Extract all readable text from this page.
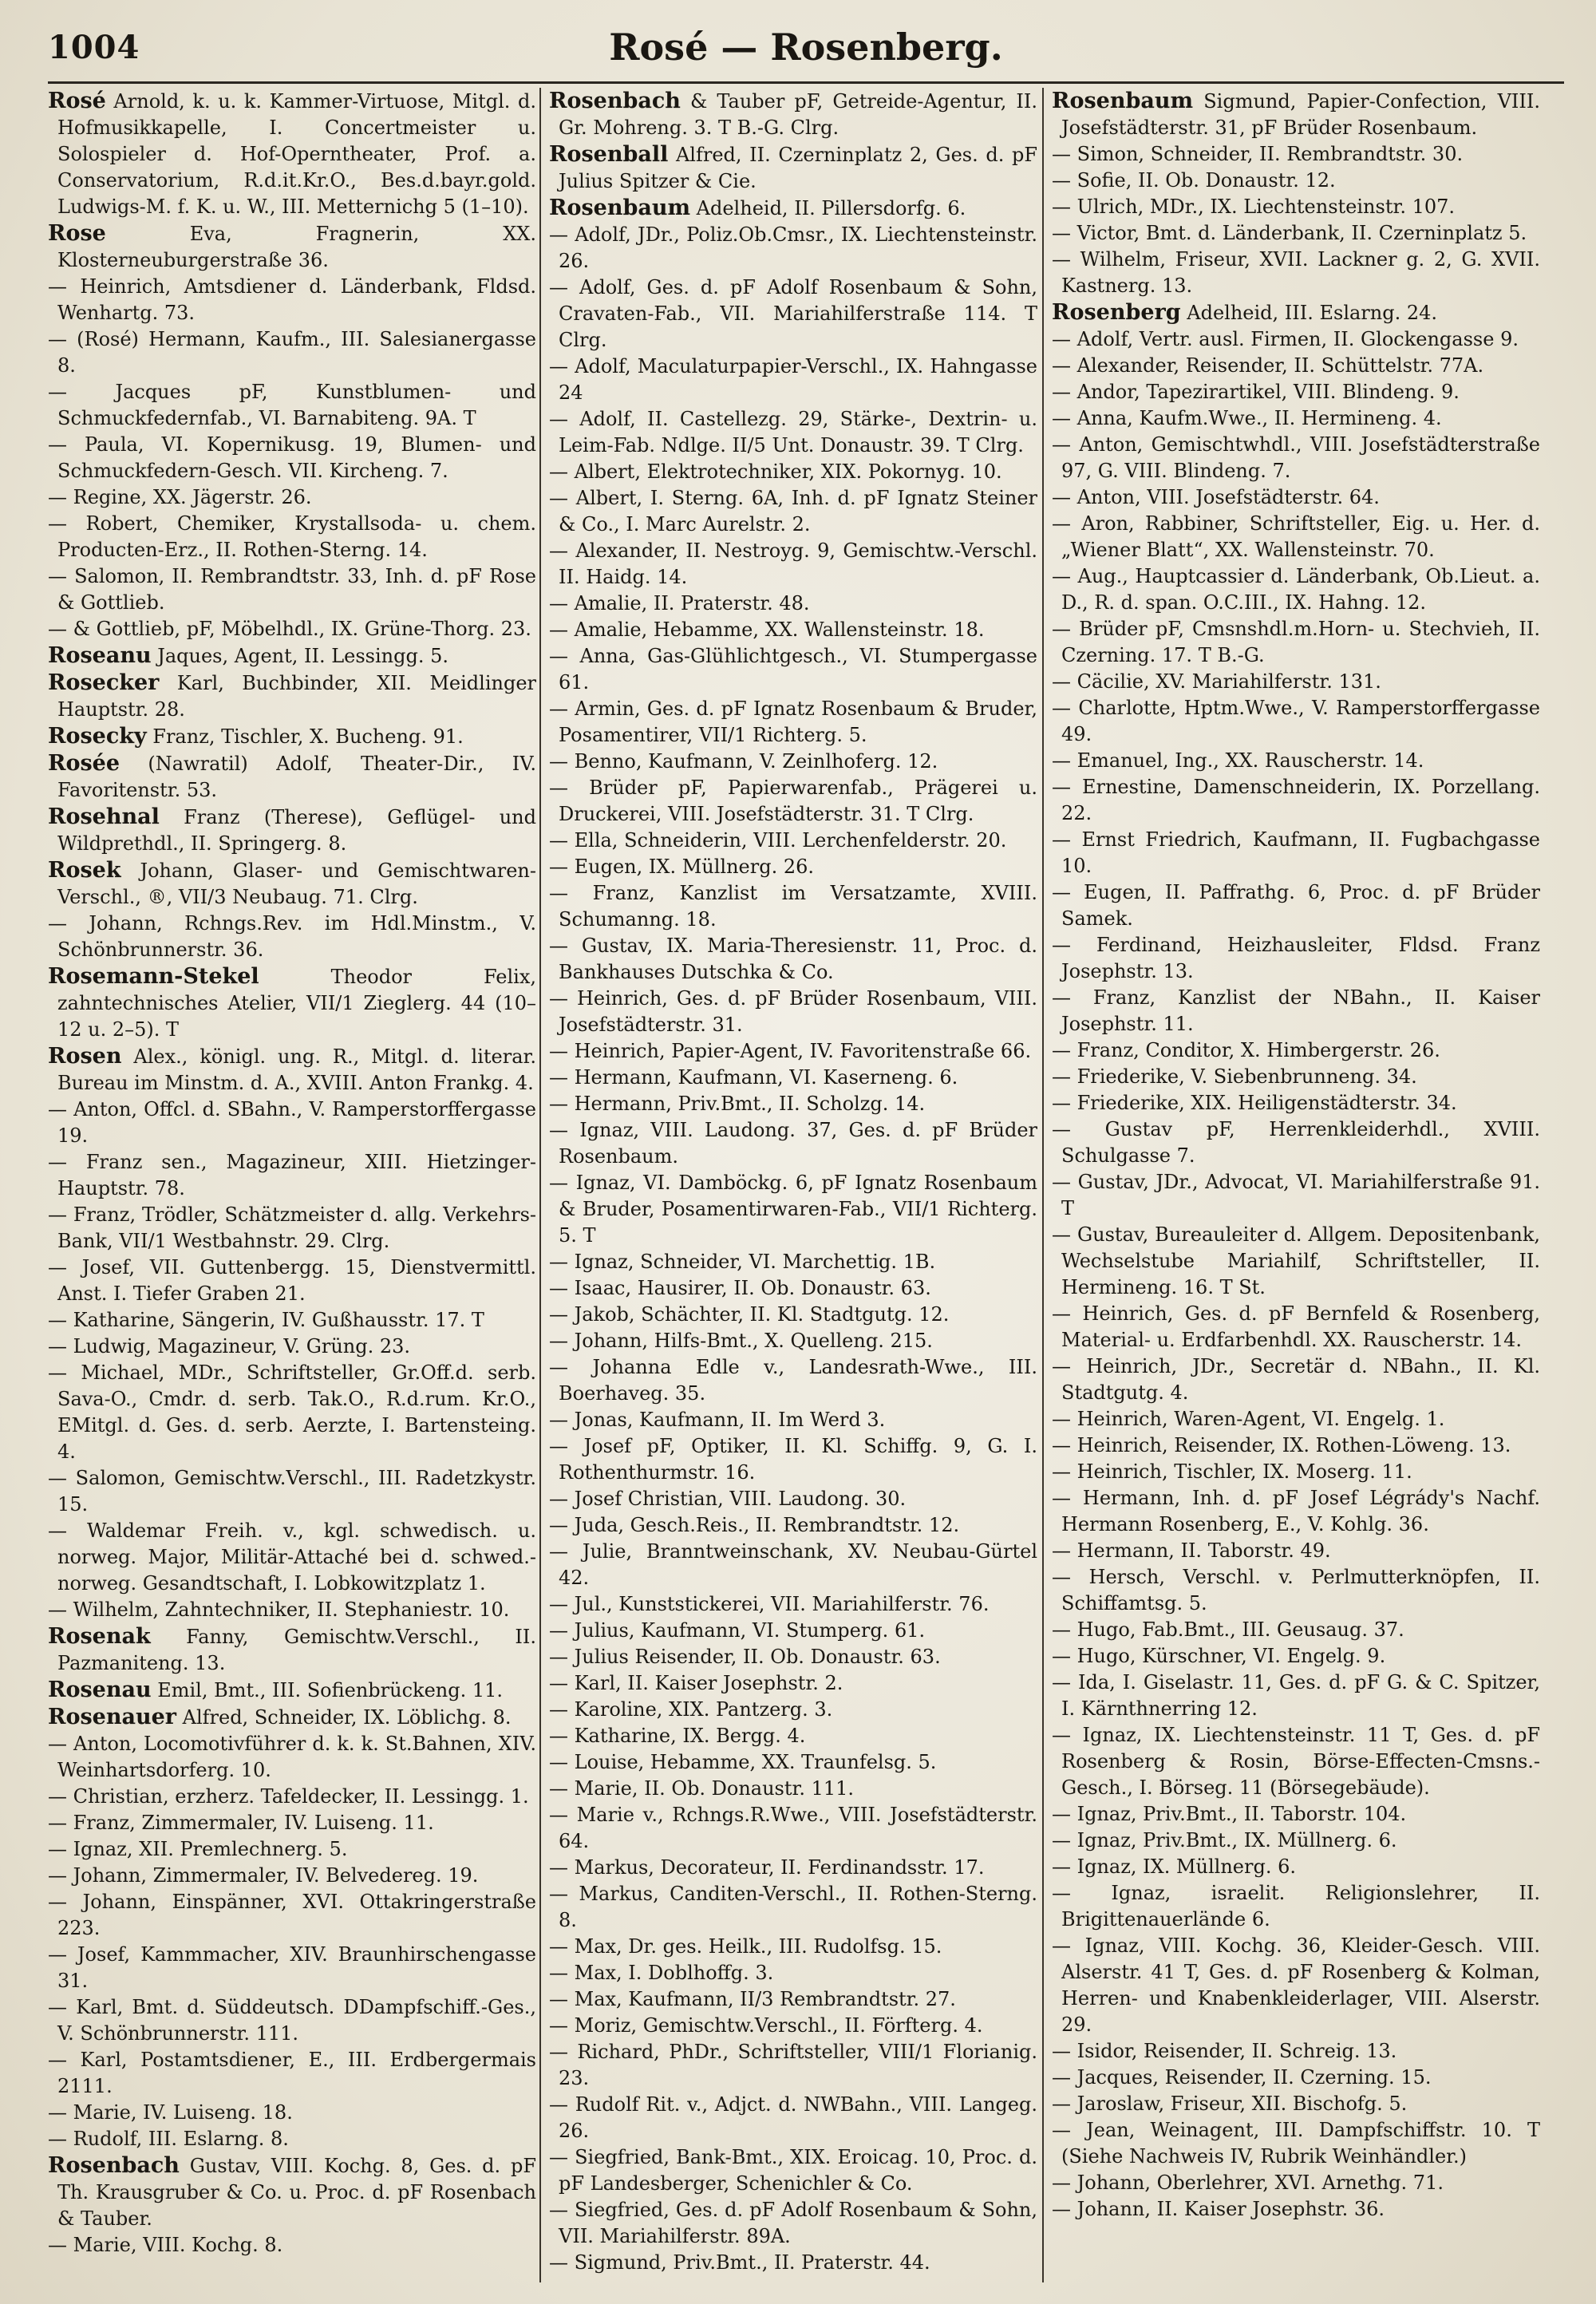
1004	Rosé — Rosenberg.

Rosé Arnold, k. u. k. Kammer-Virtuose, Mitgl. d. Hofmusikkapelle, I. Concertmeister u. Solospieler d. Hof-Operntheater, Prof. a. Conservatorium, R.d.it.Kr.O., Bes.d.bayr.gold. Ludwigs-M. f. K. u. W., III. Metternichg 5 (1–10).

Rose Eva, Fragnerin, XX. Klosterneuburgerstraße 36.

— Heinrich, Amtsdiener d. Länderbank, Fldsd. Wenhartg. 73.

— (Rosé) Hermann, Kaufm., III. Salesianergasse 8.

— Jacques pF, Kunstblumen- und Schmuckfedernfab., VI. Barnabiteng. 9A. T

— Paula, VI. Kopernikusg. 19, Blumen- und Schmuckfedern-Gesch. VII. Kircheng. 7.

— Regine, XX. Jägerstr. 26.

— Robert, Chemiker, Krystallsoda- u. chem. Producten-Erz., II. Rothen-Sterng. 14.

— Salomon, II. Rembrandtstr. 33, Inh. d. pF Rose & Gottlieb.

— & Gottlieb, pF, Möbelhdl., IX. Grüne-Thorg. 23.

Roseanu Jaques, Agent, II. Lessingg. 5.

Rosecker Karl, Buchbinder, XII. Meidlinger Hauptstr. 28.

Rosecky Franz, Tischler, X. Bucheng. 91.

Rosée (Nawratil) Adolf, Theater-Dir., IV. Favoritenstr. 53.

Rosehnal Franz (Therese), Geflügel- und Wildprethdl., II. Springerg. 8.

Rosek Johann, Glaser- und Gemischtwaren-Verschl., ®, VII/3 Neubaug. 71. Clrg.

— Johann, Rchngs.Rev. im Hdl.Minstm., V. Schönbrunnerstr. 36.

Rosemann-Stekel Theodor Felix, zahntechnisches Atelier, VII/1 Zieglerg. 44 (10–12 u. 2–5). T

Rosen Alex., königl. ung. R., Mitgl. d. literar. Bureau im Minstm. d. A., XVIII. Anton Frankg. 4.

— Anton, Offcl. d. SBahn., V. Ramperstorffergasse 19.

— Franz sen., Magazineur, XIII. Hietzinger-Hauptstr. 78.

— Franz, Trödler, Schätzmeister d. allg. Verkehrs-Bank, VII/1 Westbahnstr. 29. Clrg.

— Josef, VII. Guttenbergg. 15, Dienstvermittl. Anst. I. Tiefer Graben 21.

— Katharine, Sängerin, IV. Gußhausstr. 17. T

— Ludwig, Magazineur, V. Grüng. 23.

— Michael, MDr., Schriftsteller, Gr.Off.d. serb. Sava-O., Cmdr. d. serb. Tak.O., R.d.rum. Kr.O., EMitgl. d. Ges. d. serb. Aerzte, I. Bartensteing. 4.

— Salomon, Gemischtw.Verschl., III. Radetzkystr. 15.

— Waldemar Freih. v., kgl. schwedisch. u. norweg. Major, Militär-Attaché bei d. schwed.-norweg. Gesandtschaft, I. Lobkowitzplatz 1.

— Wilhelm, Zahntechniker, II. Stephaniestr. 10.

Rosenak Fanny, Gemischtw.Verschl., II. Pazmaniteng. 13.

Rosenau Emil, Bmt., III. Sofienbrückeng. 11.

Rosenauer Alfred, Schneider, IX. Löblichg. 8.

— Anton, Locomotivführer d. k. k. St.Bahnen, XIV. Weinhartsdorferg. 10.

— Christian, erzherz. Tafeldecker, II. Lessingg. 1.

— Franz, Zimmermaler, IV. Luiseng. 11.

— Ignaz, XII. Premlechnerg. 5.

— Johann, Zimmermaler, IV. Belvedereg. 19.

— Johann, Einspänner, XVI. Ottakringerstraße 223.

— Josef, Kammmacher, XIV. Braunhirschengasse 31.

— Karl, Bmt. d. Süddeutsch. DDampfschiff.-Ges., V. Schönbrunnerstr. 111.

— Karl, Postamtsdiener, E., III. Erdbergermais 2111.

— Marie, IV. Luiseng. 18.

— Rudolf, III. Eslarng. 8.

Rosenbach Gustav, VIII. Kochg. 8, Ges. d. pF Th. Krausgruber & Co. u. Proc. d. pF Rosenbach & Tauber.

— Marie, VIII. Kochg. 8.

Rosenbach & Tauber pF, Getreide-Agentur, II. Gr. Mohreng. 3. T B.-G. Clrg.

Rosenball Alfred, II. Czerninplatz 2, Ges. d. pF Julius Spitzer & Cie.

Rosenbaum Adelheid, II. Pillersdorfg. 6.

— Adolf, JDr., Poliz.Ob.Cmsr., IX. Liechtensteinstr. 26.

— Adolf, Ges. d. pF Adolf Rosenbaum & Sohn, Cravaten-Fab., VII. Mariahilferstraße 114. T Clrg.

— Adolf, Maculaturpapier-Verschl., IX. Hahngasse 24

— Adolf, II. Castellezg. 29, Stärke-, Dextrin- u. Leim-Fab. Ndlge. II/5 Unt. Donaustr. 39. T Clrg.

— Albert, Elektrotechniker, XIX. Pokornyg. 10.

— Albert, I. Sterng. 6A, Inh. d. pF Ignatz Steiner & Co., I. Marc Aurelstr. 2.

— Alexander, II. Nestroyg. 9, Gemischtw.-Verschl. II. Haidg. 14.

— Amalie, II. Praterstr. 48.

— Amalie, Hebamme, XX. Wallensteinstr. 18.

— Anna, Gas-Glühlichtgesch., VI. Stumpergasse 61.

— Armin, Ges. d. pF Ignatz Rosenbaum & Bruder, Posamentirer, VII/1 Richterg. 5.

— Benno, Kaufmann, V. Zeinlhoferg. 12.

— Brüder pF, Papierwarenfab., Prägerei u. Druckerei, VIII. Josefstädterstr. 31. T Clrg.

— Ella, Schneiderin, VIII. Lerchenfelderstr. 20.

— Eugen, IX. Müllnerg. 26.

— Franz, Kanzlist im Versatzamte, XVIII. Schumanng. 18.

— Gustav, IX. Maria-Theresienstr. 11, Proc. d. Bankhauses Dutschka & Co.

— Heinrich, Ges. d. pF Brüder Rosenbaum, VIII. Josefstädterstr. 31.

— Heinrich, Papier-Agent, IV. Favoritenstraße 66.

— Hermann, Kaufmann, VI. Kaserneng. 6.

— Hermann, Priv.Bmt., II. Scholzg. 14.

— Ignaz, VIII. Laudong. 37, Ges. d. pF Brüder Rosenbaum.

— Ignaz, VI. Damböckg. 6, pF Ignatz Rosenbaum & Bruder, Posamentirwaren-Fab., VII/1 Richterg. 5. T

— Ignaz, Schneider, VI. Marchettig. 1B.

— Isaac, Hausirer, II. Ob. Donaustr. 63.

— Jakob, Schächter, II. Kl. Stadtgutg. 12.

— Johann, Hilfs-Bmt., X. Quelleng. 215.

— Johanna Edle v., Landesrath-Wwe., III. Boerhaveg. 35.

— Jonas, Kaufmann, II. Im Werd 3.

— Josef pF, Optiker, II. Kl. Schiffg. 9, G. I. Rothenthurmstr. 16.

— Josef Christian, VIII. Laudong. 30.

— Juda, Gesch.Reis., II. Rembrandtstr. 12.

— Julie, Branntweinschank, XV. Neubau-Gürtel 42.

— Jul., Kunststickerei, VII. Mariahilferstr. 76.

— Julius, Kaufmann, VI. Stumperg. 61.

— Julius Reisender, II. Ob. Donaustr. 63.

— Karl, II. Kaiser Josephstr. 2.

— Karoline, XIX. Pantzerg. 3.

— Katharine, IX. Bergg. 4.

— Louise, Hebamme, XX. Traunfelsg. 5.

— Marie, II. Ob. Donaustr. 111.

— Marie v., Rchngs.R.Wwe., VIII. Josefstädterstr. 64.

— Markus, Decorateur, II. Ferdinandsstr. 17.

— Markus, Canditen-Verschl., II. Rothen-Sterng. 8.

— Max, Dr. ges. Heilk., III. Rudolfsg. 15.

— Max, I. Doblhoffg. 3.

— Max, Kaufmann, II/3 Rembrandtstr. 27.

— Moriz, Gemischtw.Verschl., II. Förfterg. 4.

— Richard, PhDr., Schriftsteller, VIII/1 Florianig. 23.

— Rudolf Rit. v., Adjct. d. NWBahn., VIII. Langeg. 26.

— Siegfried, Bank-Bmt., XIX. Eroicag. 10, Proc. d. pF Landesberger, Schenichler & Co.

— Siegfried, Ges. d. pF Adolf Rosenbaum & Sohn, VII. Mariahilferstr. 89A.

— Sigmund, Priv.Bmt., II. Praterstr. 44.

Rosenbaum Sigmund, Papier-Confection, VIII. Josefstädterstr. 31, pF Brüder Rosenbaum.

— Simon, Schneider, II. Rembrandtstr. 30.

— Sofie, II. Ob. Donaustr. 12.

— Ulrich, MDr., IX. Liechtensteinstr. 107.

— Victor, Bmt. d. Länderbank, II. Czerninplatz 5.

— Wilhelm, Friseur, XVII. Lackner g. 2, G. XVII. Kastnerg. 13.

Rosenberg Adelheid, III. Eslarng. 24.

— Adolf, Vertr. ausl. Firmen, II. Glockengasse 9.

— Alexander, Reisender, II. Schüttelstr. 77A.

— Andor, Tapezirartikel, VIII. Blindeng. 9.

— Anna, Kaufm.Wwe., II. Hermineng. 4.

— Anton, Gemischtwhdl., VIII. Josefstädterstraße 97, G. VIII. Blindeng. 7.

— Anton, VIII. Josefstädterstr. 64.

— Aron, Rabbiner, Schriftsteller, Eig. u. Her. d. „Wiener Blatt“, XX. Wallensteinstr. 70.

— Aug., Hauptcassier d. Länderbank, Ob.Lieut. a. D., R. d. span. O.C.III., IX. Hahng. 12.

— Brüder pF, Cmsnshdl.m.Horn- u. Stechvieh, II. Czerning. 17. T B.-G.

— Cäcilie, XV. Mariahilferstr. 131.

— Charlotte, Hptm.Wwe., V. Ramperstorffergasse 49.

— Emanuel, Ing., XX. Rauscherstr. 14.

— Ernestine, Damenschneiderin, IX. Porzellang. 22.

— Ernst Friedrich, Kaufmann, II. Fugbachgasse 10.

— Eugen, II. Paffrathg. 6, Proc. d. pF Brüder Samek.

— Ferdinand, Heizhausleiter, Fldsd. Franz Josephstr. 13.

— Franz, Kanzlist der NBahn., II. Kaiser Josephstr. 11.

— Franz, Conditor, X. Himbergerstr. 26.

— Friederike, V. Siebenbrunneng. 34.

— Friederike, XIX. Heiligenstädterstr. 34.

— Gustav pF, Herrenkleiderhdl., XVIII. Schulgasse 7.

— Gustav, JDr., Advocat, VI. Mariahilferstraße 91. T

— Gustav, Bureauleiter d. Allgem. Depositenbank, Wechselstube Mariahilf, Schriftsteller, II. Hermineng. 16. T St.

— Heinrich, Ges. d. pF Bernfeld & Rosenberg, Material- u. Erdfarbenhdl. XX. Rauscherstr. 14.

— Heinrich, JDr., Secretär d. NBahn., II. Kl. Stadtgutg. 4.

— Heinrich, Waren-Agent, VI. Engelg. 1.

— Heinrich, Reisender, IX. Rothen-Löweng. 13.

— Heinrich, Tischler, IX. Moserg. 11.

— Hermann, Inh. d. pF Josef Légrády's Nachf. Hermann Rosenberg, E., V. Kohlg. 36.

— Hermann, II. Taborstr. 49.

— Hersch, Verschl. v. Perlmutterknöpfen, II. Schiffamtsg. 5.

— Hugo, Fab.Bmt., III. Geusaug. 37.

— Hugo, Kürschner, VI. Engelg. 9.

— Ida, I. Giselastr. 11, Ges. d. pF G. & C. Spitzer, I. Kärnthnerring 12.

— Ignaz, IX. Liechtensteinstr. 11 T, Ges. d. pF Rosenberg & Rosin, Börse-Effecten-Cmsns.-Gesch., I. Börseg. 11 (Börsegebäude).

— Ignaz, Priv.Bmt., II. Taborstr. 104.

— Ignaz, Priv.Bmt., IX. Müllnerg. 6.

— Ignaz, IX. Müllnerg. 6.

— Ignaz, israelit. Religionslehrer, II. Brigittenauerlände 6.

— Ignaz, VIII. Kochg. 36, Kleider-Gesch. VIII. Alserstr. 41 T, Ges. d. pF Rosenberg & Kolman, Herren- und Knabenkleiderlager, VIII. Alserstr. 29.

— Isidor, Reisender, II. Schreig. 13.

— Jacques, Reisender, II. Czerning. 15.

— Jaroslaw, Friseur, XII. Bischofg. 5.

— Jean, Weinagent, III. Dampfschiffstr. 10. T (Siehe Nachweis IV, Rubrik Weinhändler.)

— Johann, Oberlehrer, XVI. Arnethg. 71.

— Johann, II. Kaiser Josephstr. 36.
